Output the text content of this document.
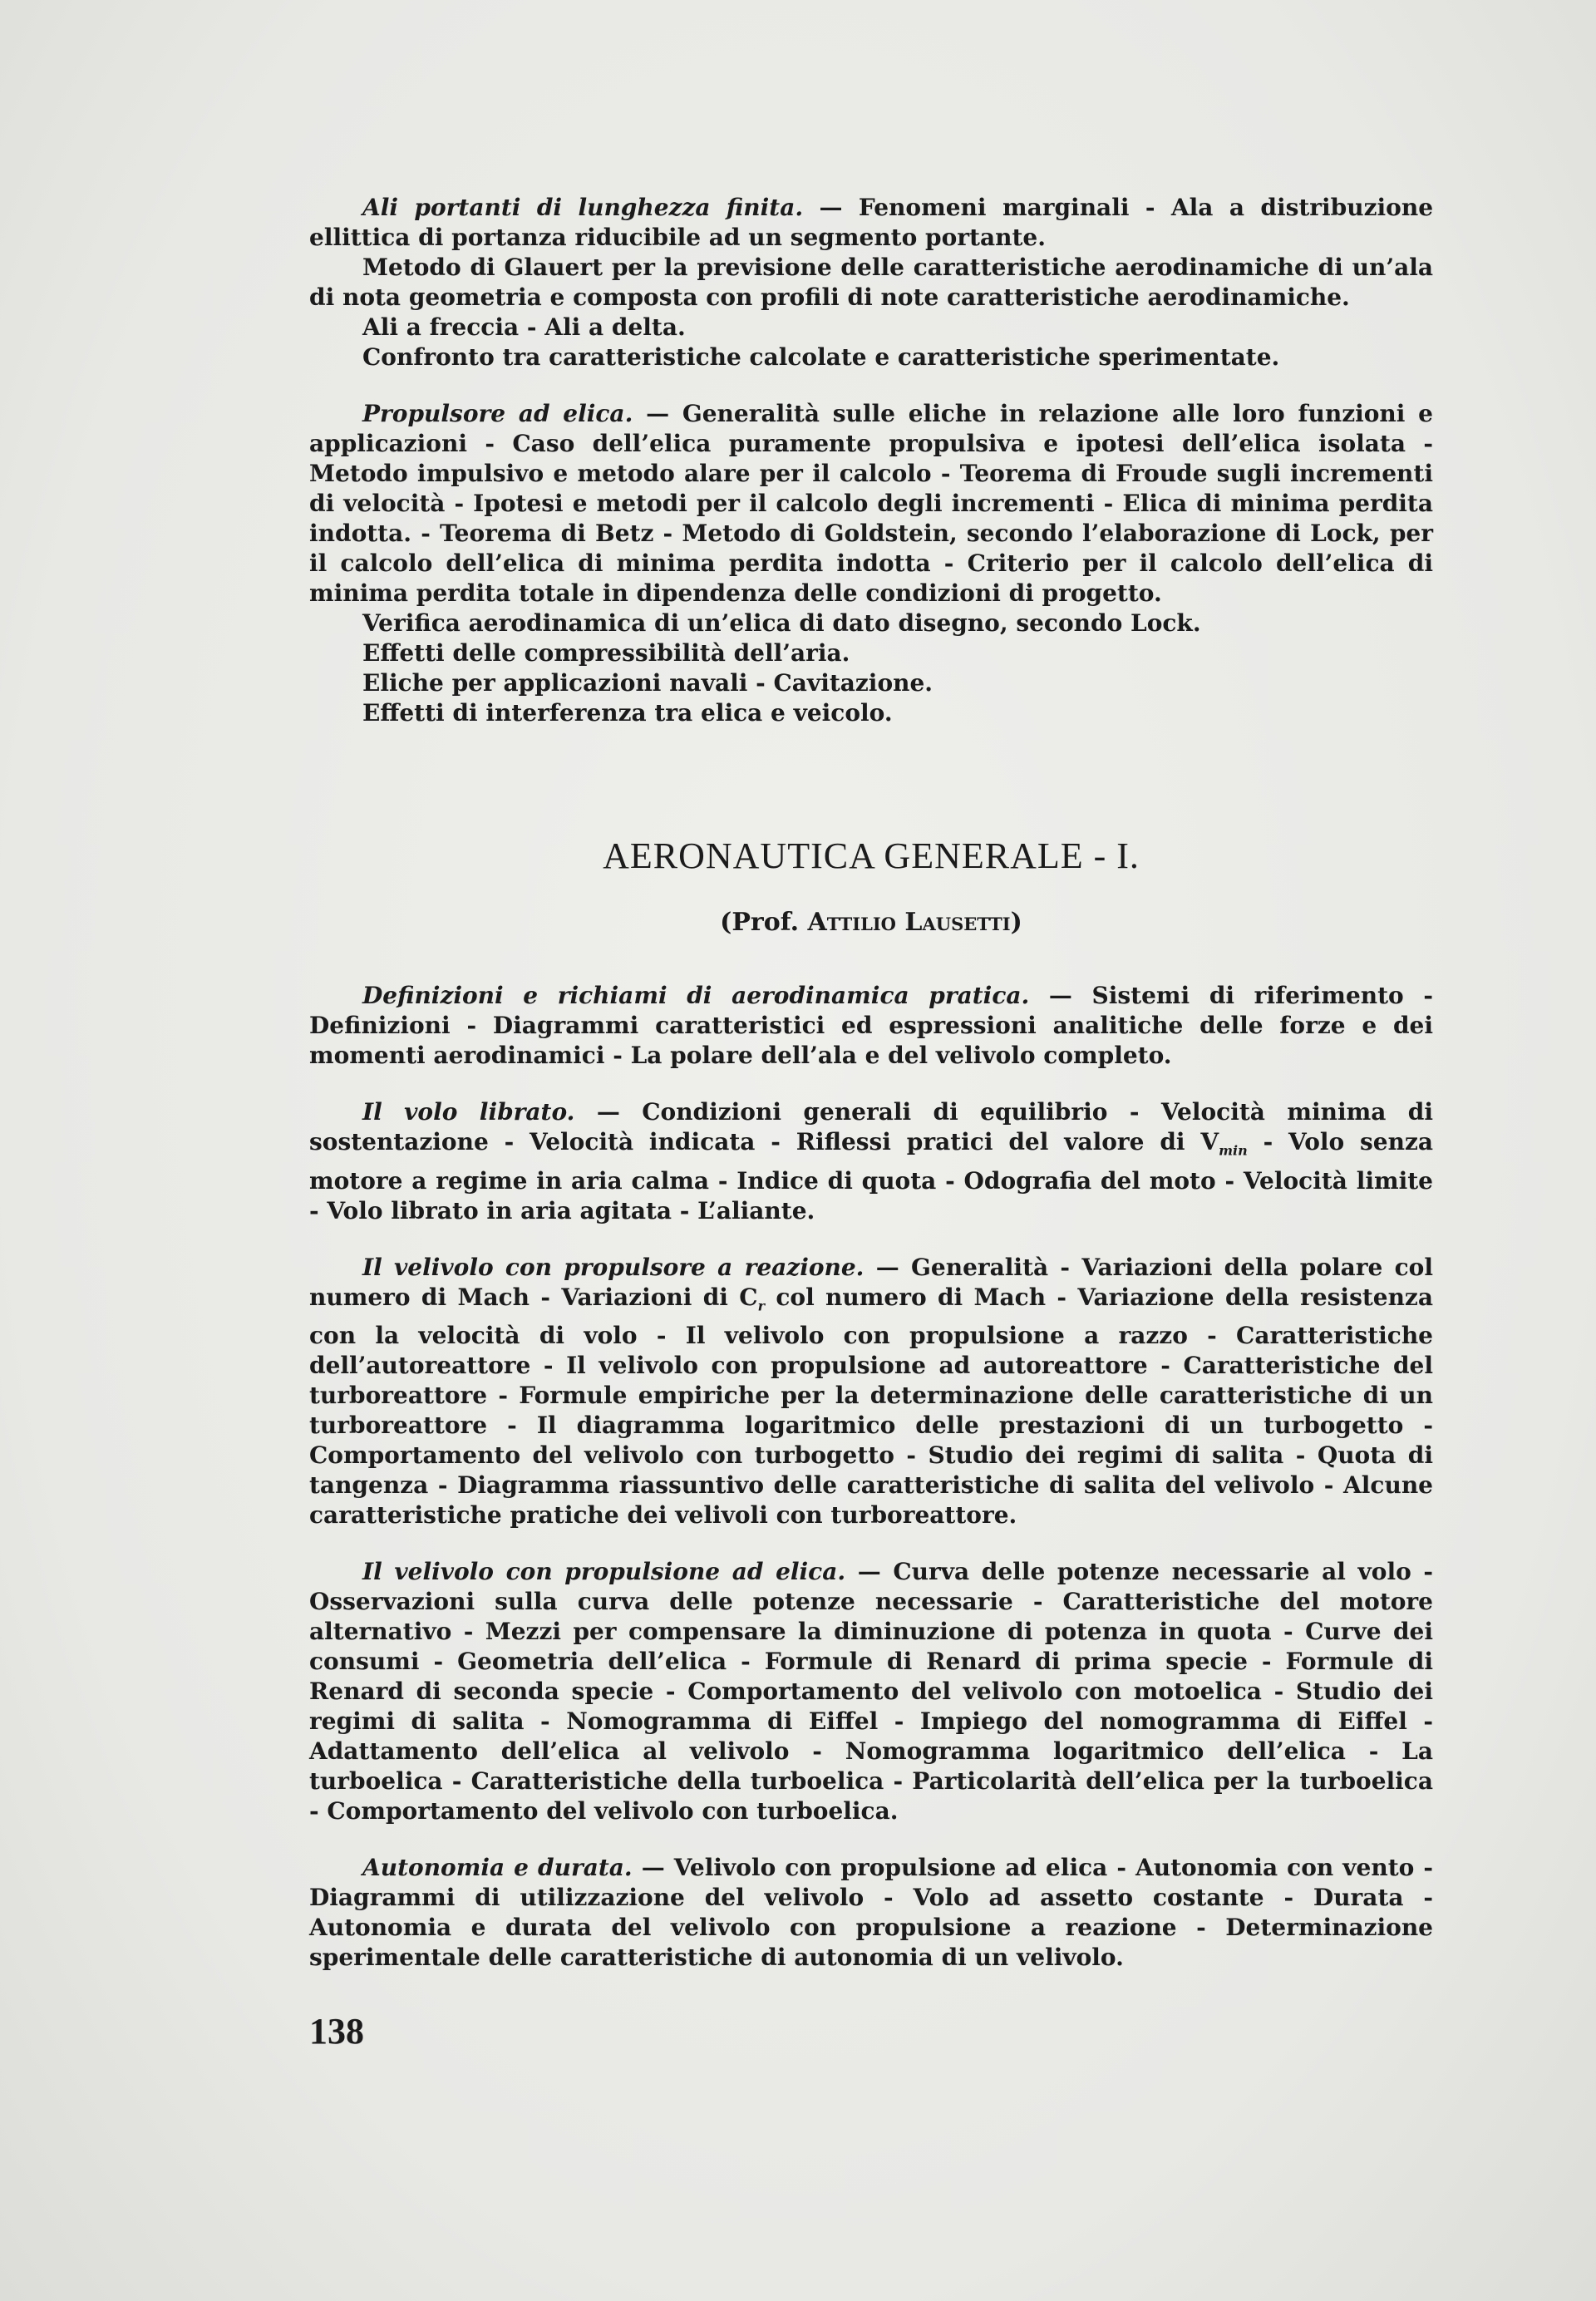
Ali portanti di lunghezza finita. — Fenomeni marginali - Ala a distribuzione ellittica di portanza riducibile ad un segmento portante.

Metodo di Glauert per la previsione delle caratteristiche aerodinamiche di un’ala di nota geometria e composta con profili di note caratteristiche aerodinamiche.

Ali a freccia - Ali a delta.

Confronto tra caratteristiche calcolate e caratteristiche sperimentate.

Propulsore ad elica. — Generalità sulle eliche in relazione alle loro funzioni e applicazioni - Caso dell’elica puramente propulsiva e ipotesi dell’elica isolata - Metodo impulsivo e metodo alare per il calcolo - Teorema di Froude sugli incrementi di velocità - Ipotesi e metodi per il calcolo degli incrementi - Elica di minima perdita indotta. - Teorema di Betz - Metodo di Goldstein, secondo l’elaborazione di Lock, per il calcolo dell’elica di minima perdita indotta - Criterio per il calcolo dell’elica di minima perdita totale in dipendenza delle condizioni di progetto.

Verifica aerodinamica di un’elica di dato disegno, secondo Lock.

Effetti delle compressibilità dell’aria.

Eliche per applicazioni navali - Cavitazione.

Effetti di interferenza tra elica e veicolo.

AERONAUTICA GENERALE - I.
(Prof. Attilio Lausetti)

Definizioni e richiami di aerodinamica pratica. — Sistemi di riferimento - Definizioni - Diagrammi caratteristici ed espressioni analitiche delle forze e dei momenti aerodinamici - La polare dell’ala e del velivolo completo.

Il volo librato. — Condizioni generali di equilibrio - Velocità minima di sostentazione - Velocità indicata - Riflessi pratici del valore di $V_{min}$ - Volo senza motore a regime in aria calma - Indice di quota - Odografia del moto - Velocità limite - Volo librato in aria agitata - L’aliante.

Il velivolo con propulsore a reazione. — Generalità - Variazioni della polare col numero di Mach - Variazioni di $C_r$ col numero di Mach - Variazione della resistenza con la velocità di volo - Il velivolo con propulsione a razzo - Caratteristiche dell’autoreattore - Il velivolo con propulsione ad autoreattore - Caratteristiche del turboreattore - Formule empiriche per la determinazione delle caratteristiche di un turboreattore - Il diagramma logaritmico delle prestazioni di un turbogetto - Comportamento del velivolo con turbogetto - Studio dei regimi di salita - Quota di tangenza - Diagramma riassuntivo delle caratteristiche di salita del velivolo - Alcune caratteristiche pratiche dei velivoli con turboreattore.

Il velivolo con propulsione ad elica. — Curva delle potenze necessarie al volo - Osservazioni sulla curva delle potenze necessarie - Caratteristiche del motore alternativo - Mezzi per compensare la diminuzione di potenza in quota - Curve dei consumi - Geometria dell’elica - Formule di Renard di prima specie - Formule di Renard di seconda specie - Comportamento del velivolo con motoelica - Studio dei regimi di salita - Nomogramma di Eiffel - Impiego del nomogramma di Eiffel - Adattamento dell’elica al velivolo - Nomogramma logaritmico dell’elica - La turboelica - Caratteristiche della turboelica - Particolarità dell’elica per la turboelica - Comportamento del velivolo con turboelica.

Autonomia e durata. — Velivolo con propulsione ad elica - Autonomia con vento - Diagrammi di utilizzazione del velivolo - Volo ad assetto costante - Durata - Autonomia e durata del velivolo con propulsione a reazione - Determinazione sperimentale delle caratteristiche di autonomia di un velivolo.

138
